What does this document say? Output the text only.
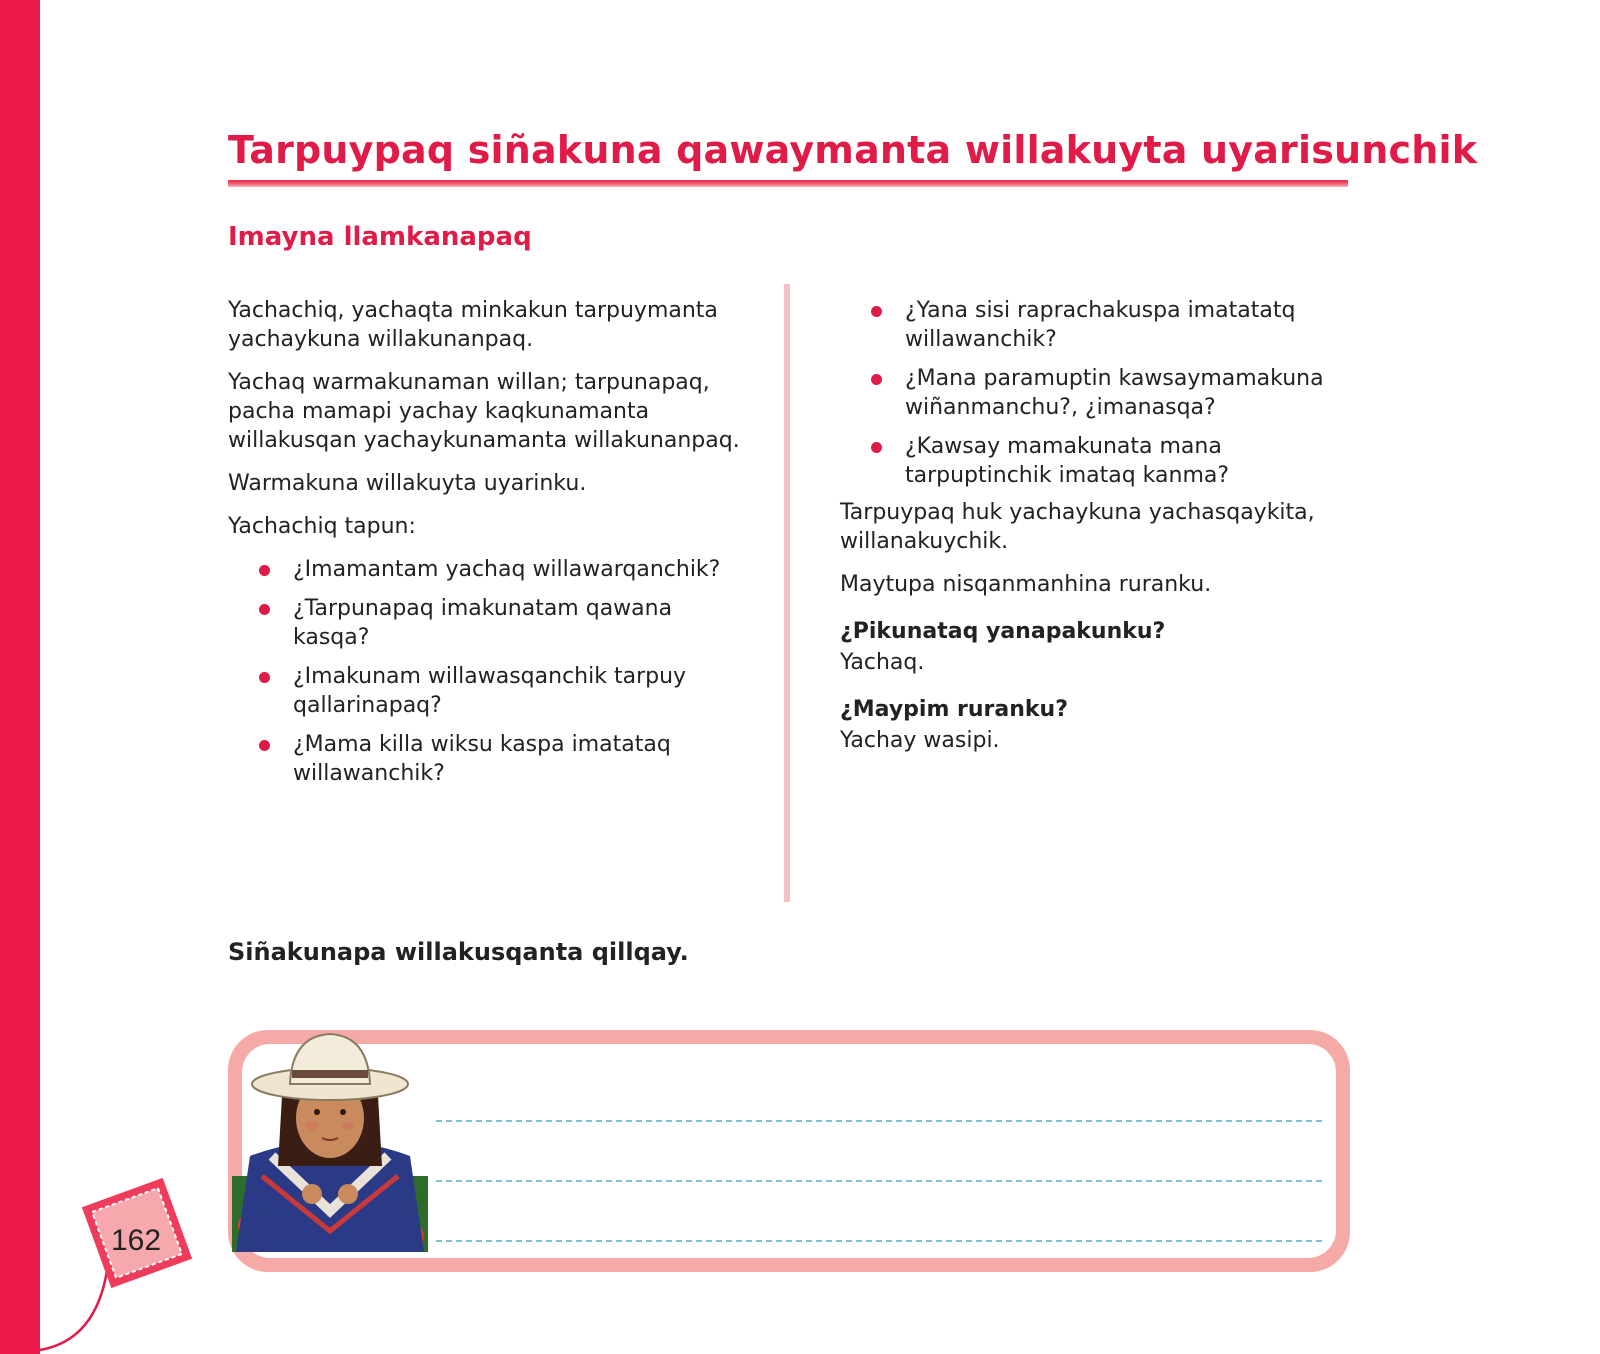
Tarpuypaq siñakuna qawaymanta willakuyta uyarisunchik
Imayna llamkanapaq

Yachachiq, yachaqta minkakun tarpuymanta yachaykuna willakunanpaq.

Yachaq warmakunaman willan; tarpunapaq, pacha mamapi yachay kaqkunamanta willakusqan yachaykunamanta willakunanpaq.

Warmakuna willakuyta uyarinku.

Yachachiq tapun:

¿Imamantam yachaq willawarqanchik?
¿Tarpunapaq imakunatam qawana kasqa?
¿Imakunam willawasqanchik tarpuy qallarinapaq?
¿Mama killa wiksu kaspa imatataq willawanchik?
¿Yana sisi raprachakuspa imatatatq willawanchik?
¿Mana paramuptin kawsaymamakuna wiñanmanchu?, ¿imanasqa?
¿Kawsay mamakunata mana tarpuptinchik imataq kanma?

Tarpuypaq huk yachaykuna yachasqaykita, willanakuychik.

Maytupa nisqanmanhina ruranku.

¿Pikunataq yanapakunku?

Yachaq.

¿Maypim ruranku?

Yachay wasipi.

Siñakunapa willakusqanta qillqay.
162
